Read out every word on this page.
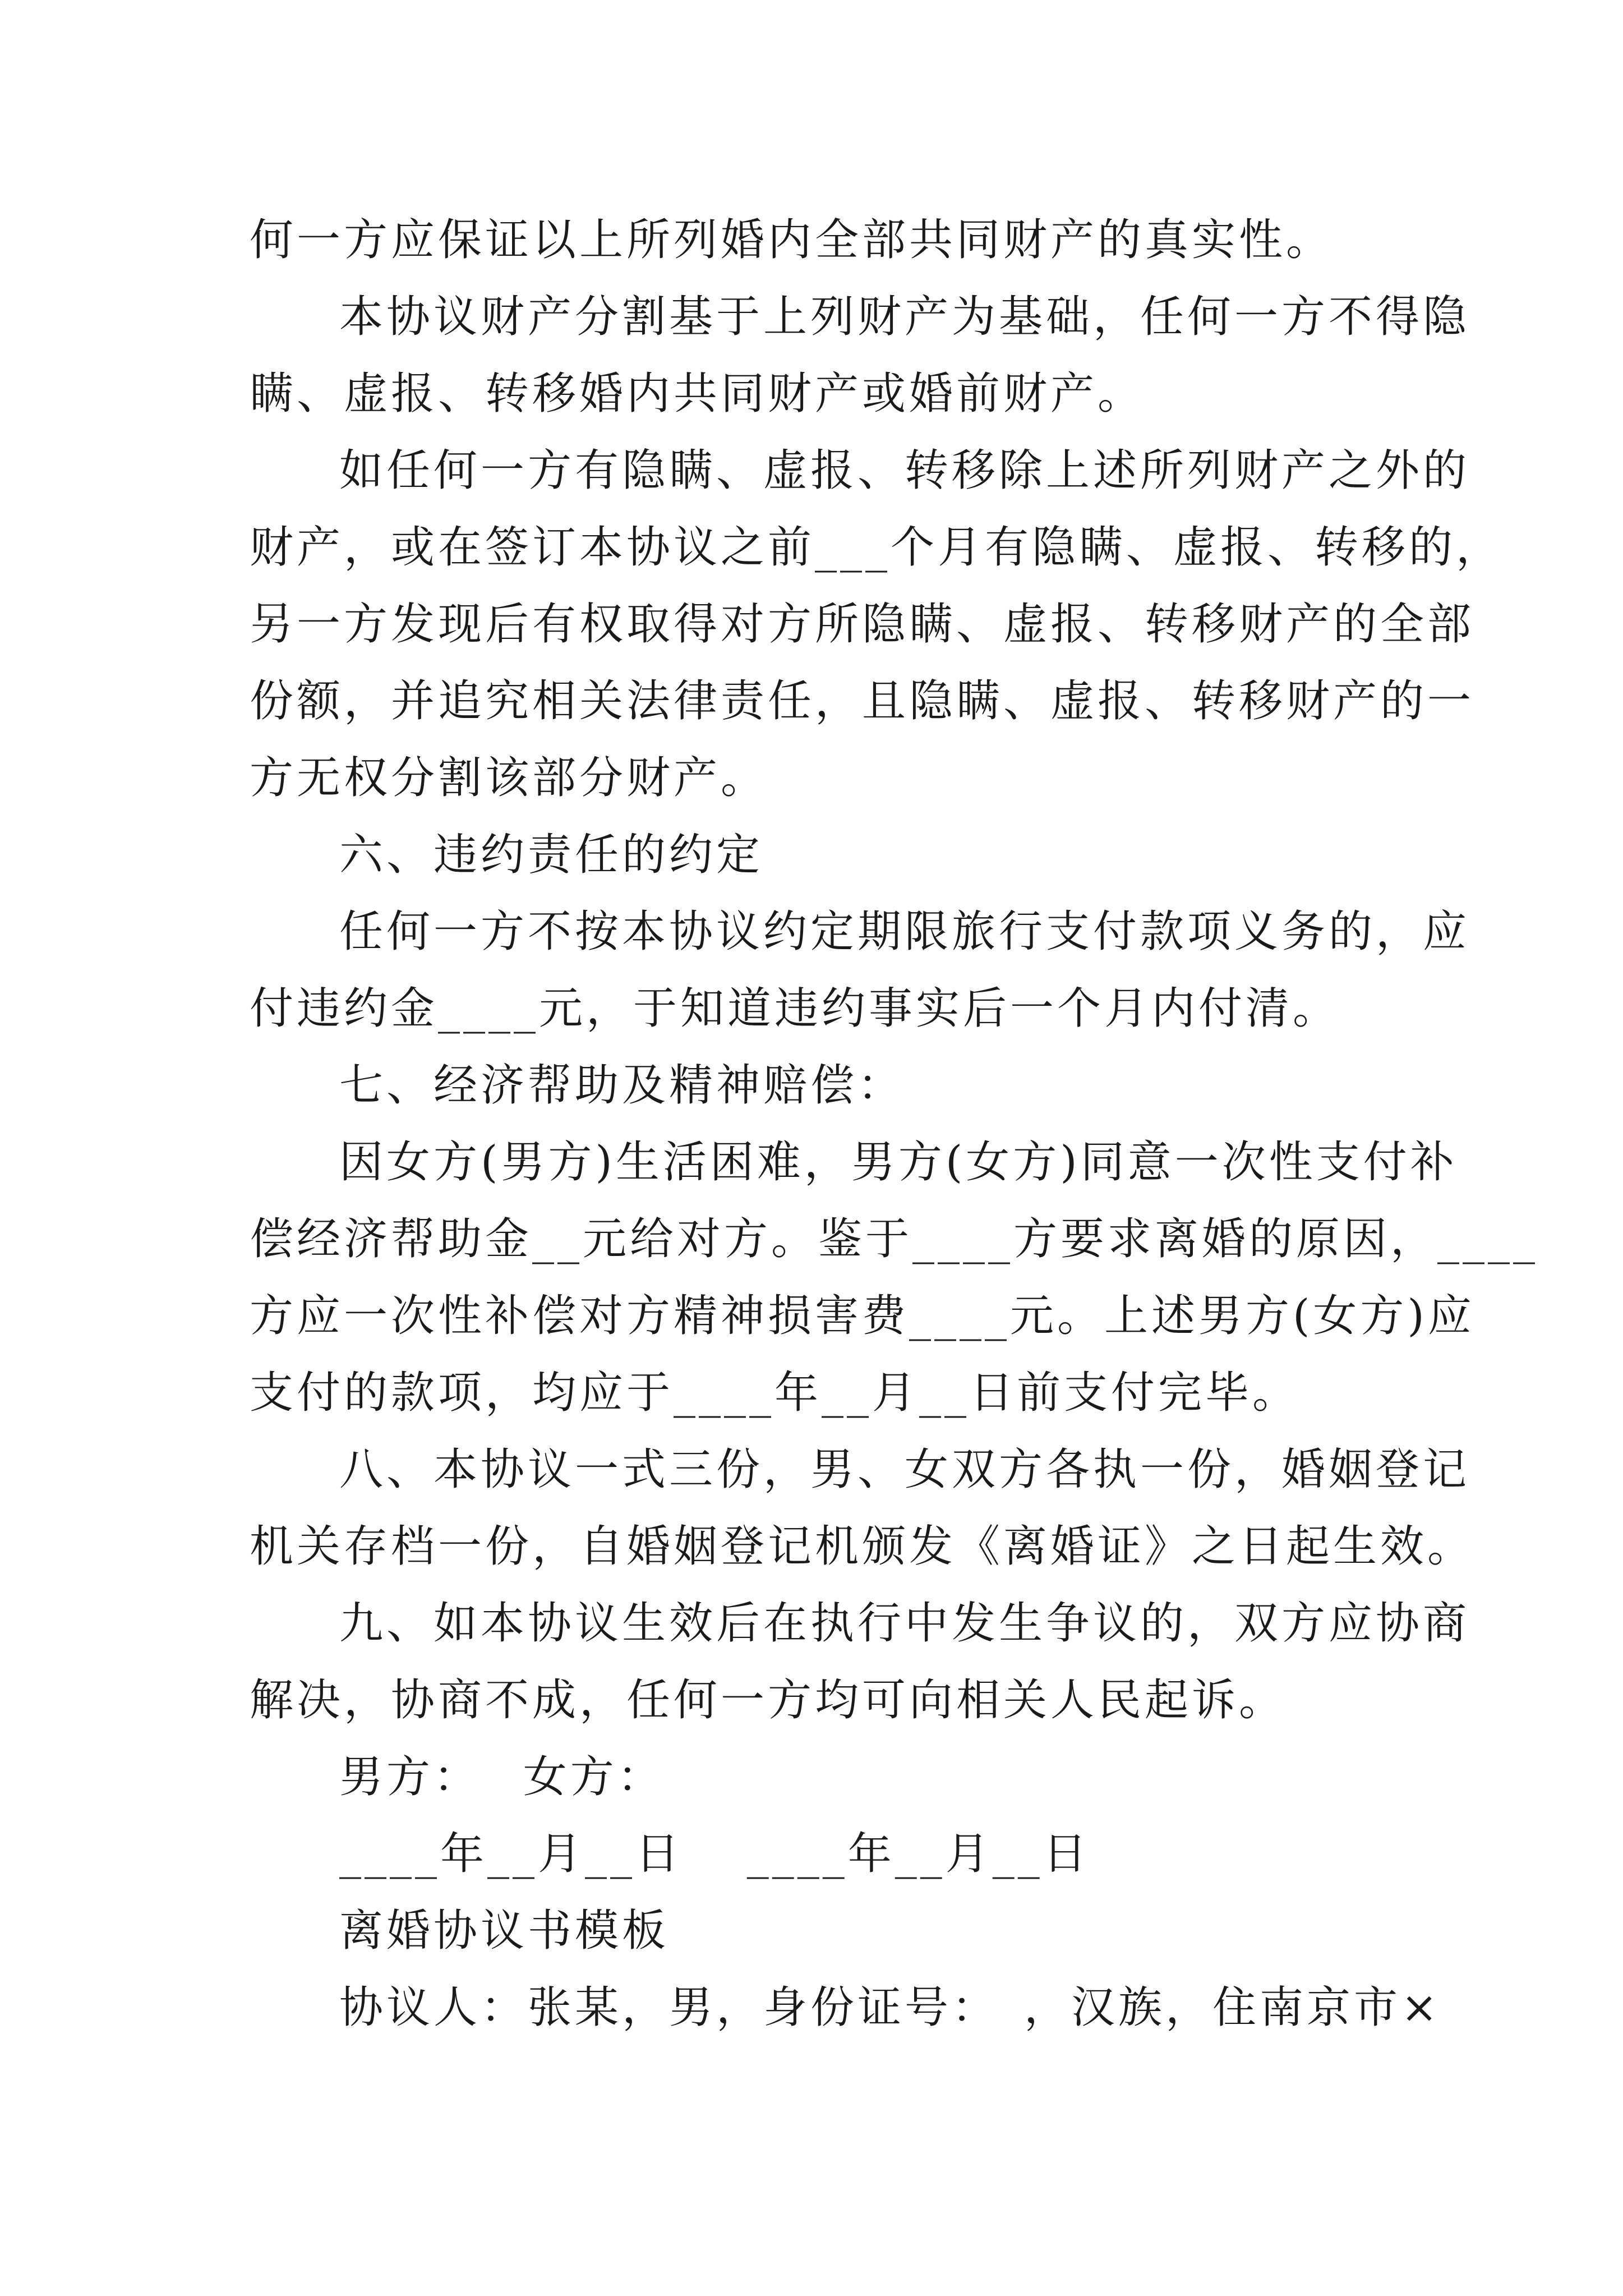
何一方应保证以上所列婚内全部共同财产的真实性。
本协议财产分割基于上列财产为基础，任何一方不得隐
瞒、虚报、转移婚内共同财产或婚前财产。
如任何一方有隐瞒、虚报、转移除上述所列财产之外的
财产，或在签订本协议之前___个月有隐瞒、虚报、转移的，
另一方发现后有权取得对方所隐瞒、虚报、转移财产的全部
份额，并追究相关法律责任，且隐瞒、虚报、转移财产的一
方无权分割该部分财产。
六、违约责任的约定
任何一方不按本协议约定期限旅行支付款项义务的，应
付违约金____元，于知道违约事实后一个月内付清。
七、经济帮助及精神赔偿：
因女方(男方)生活困难，男方(女方)同意一次性支付补
偿经济帮助金__元给对方。鉴于____方要求离婚的原因，____
方应一次性补偿对方精神损害费____元。上述男方(女方)应
支付的款项，均应于____年__月__日前支付完毕。
八、本协议一式三份，男、女双方各执一份，婚姻登记
机关存档一份，自婚姻登记机颁发《离婚证》之日起生效。
九、如本协议生效后在执行中发生争议的，双方应协商
解决，协商不成，任何一方均可向相关人民起诉。
男方：　 女方：
____年__月__日　 ____年__月__日
离婚协议书模板
协议人：张某，男，身份证号：　，汉族，住南京市×
